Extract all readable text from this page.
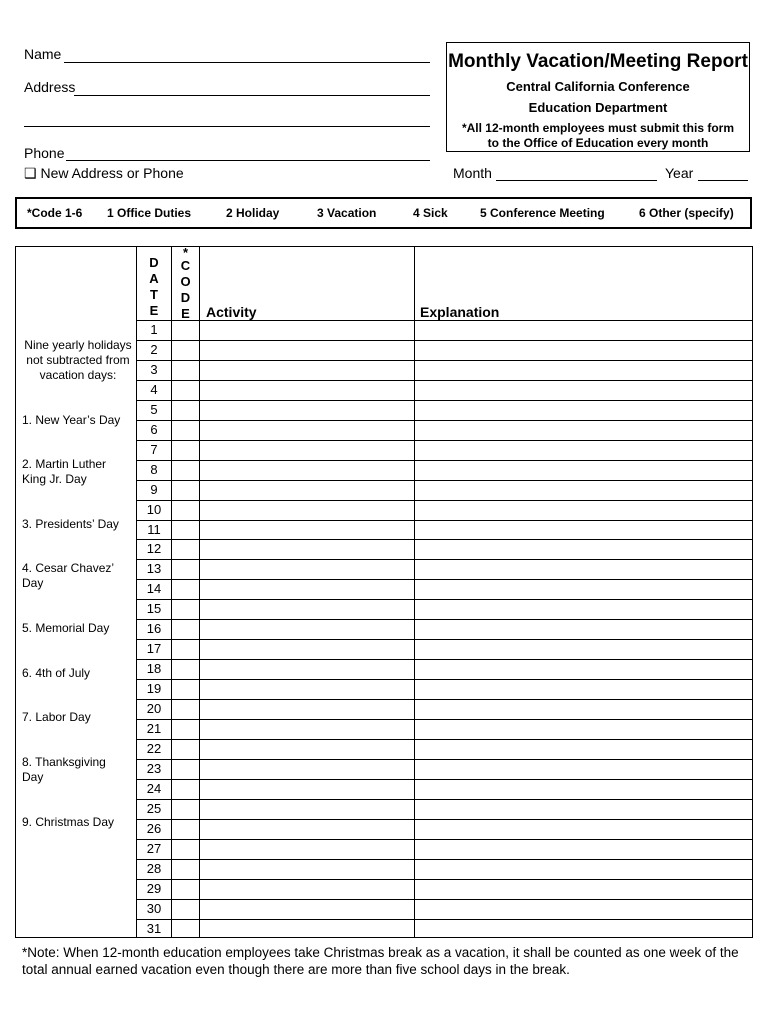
Name
Address
Phone
❑ New Address or Phone
Monthly Vacation/Meeting Report
Central California Conference
Education Department
*All 12-month employees must submit this form
to the Office of Education every month
Month	Year
*Code 1-6 1 Office Duties	2 Holiday	3 Vacation	4 Sick	5 Conference Meeting	6 Other (specify)
D
A
T
E
*
C
O
D
E	Activity	Explanation
1
2
3
4
5
6
7
8
9
10
11
12
13
14
15
16
17
18
19
20
21
22
23
24
25
26
27
28
29
30
31
Nine yearly holidays not subtracted from vacation days:
1. New Year’s Day
2. Martin Luther King Jr. Day
3. Presidents’ Day
4. Cesar Chavez’ Day
5. Memorial Day
6. 4th of July
7. Labor Day
8. Thanksgiving Day
9. Christmas Day
*Note: When 12-month education employees take Christmas break as a vacation, it shall be counted as one week of the total annual earned vacation even though there are more than five school days in the break.
